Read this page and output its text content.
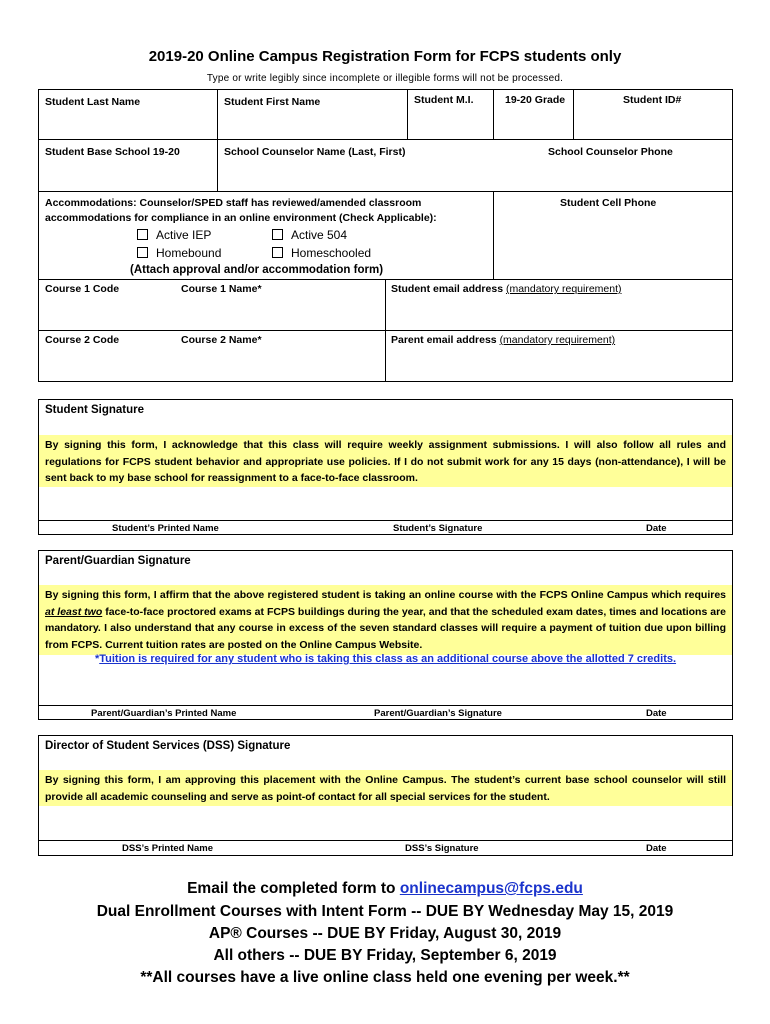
2019-20 Online Campus Registration Form for FCPS students only
Type or write legibly since incomplete or illegible forms will not be processed.
Student Last Name	Student First Name	Student M.I.	19-20 Grade	Student ID#
Student Base School 19-20	School Counselor Name (Last, First)	School Counselor Phone
Accommodations: Counselor/SPED staff has reviewed/amended classroom
accommodations for compliance in an online environment (Check Applicable):
Active IEP	Active 504
Homebound	Homeschooled
(Attach approval and/or accommodation form)
Student Cell Phone
Course 1 Code	Course 1 Name*	Student email address (mandatory requirement)
Course 2 Code	Course 2 Name*	Parent email address (mandatory requirement)
Student Signature
By signing this form, I acknowledge that this class will require weekly assignment submissions. I will also follow all rules and regulations for FCPS student behavior and appropriate use policies. If I do not submit work for any 15 days (non-attendance), I will be sent back to my base school for reassignment to a face-to-face classroom.
Student’s Printed Name	Student’s Signature	Date
Parent/Guardian Signature
By signing this form, I affirm that the above registered student is taking an online course with the FCPS Online Campus which requires at least two face-to-face proctored exams at FCPS buildings during the year, and that the scheduled exam dates, times and locations are mandatory. I also understand that any course in excess of the seven standard classes will require a payment of tuition due upon billing from FCPS. Current tuition rates are posted on the Online Campus Website.
*Tuition is required for any student who is taking this class as an additional course above the allotted 7 credits.
Parent/Guardian’s Printed Name	Parent/Guardian’s Signature	Date
Director of Student Services (DSS) Signature
By signing this form, I am approving this placement with the Online Campus. The student’s current base school counselor will still provide all academic counseling and serve as point-of contact for all special services for the student.
DSS’s Printed Name	DSS’s Signature	Date
Email the completed form to onlinecampus@fcps.edu
Dual Enrollment Courses with Intent Form -- DUE BY Wednesday May 15, 2019
AP® Courses -- DUE BY Friday, August 30, 2019
All others -- DUE BY Friday, September 6, 2019
**All courses have a live online class held one evening per week.**
